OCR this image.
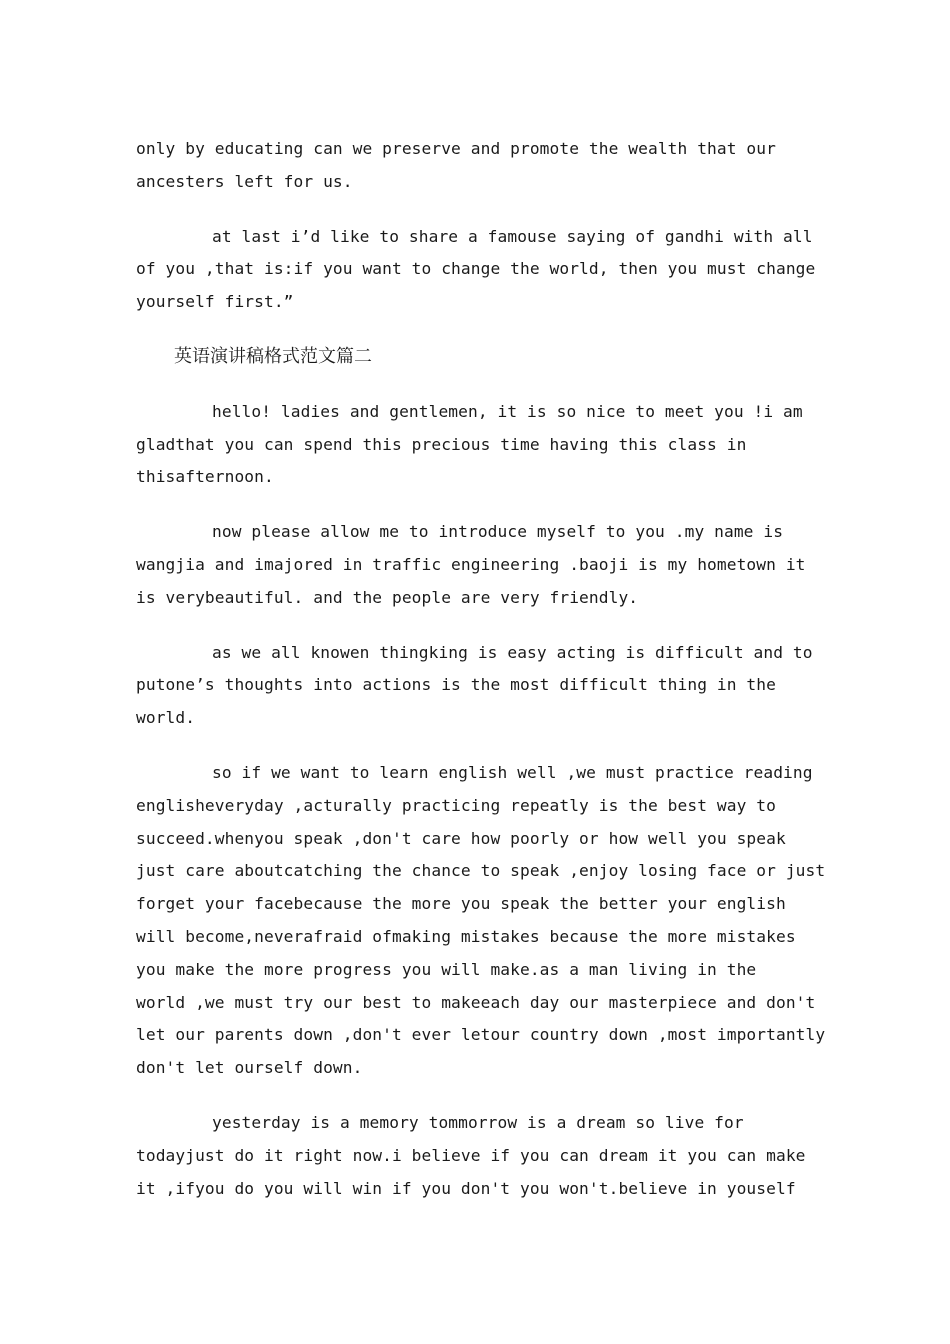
only by educating can we preserve and promote the wealth that our
ancesters left for us.
at last i’d like to share a famouse saying of gandhi with all
of you ,that is:if you want to change the world, then you must change
yourself first.”
英语演讲稿格式范文篇二
hello! ladies and gentlemen, it is so nice to meet you !i am
gladthat you can spend this precious time having this class in
thisafternoon.
now please allow me to introduce myself to you .my name is
wangjia and imajored in traffic engineering .baoji is my hometown it
is verybeautiful. and the people are very friendly.
as we all knowen thingking is easy acting is difficult and to
putone’s thoughts into actions is the most difficult thing in the
world.
so if we want to learn english well ,we must practice reading
englisheveryday ,acturally practicing repeatly is the best way to
succeed.whenyou speak ,don't care how poorly or how well you speak
just care aboutcatching the chance to speak ,enjoy losing face or just
forget your facebecause the more you speak the better your english
will become,neverafraid ofmaking mistakes because the more mistakes
you make the more progress you will make.as a man living in the
world ,we must try our best to makeeach day our masterpiece and don't
let our parents down ,don't ever letour country down ,most importantly
don't let ourself down.
yesterday is a memory tommorrow is a dream so live for
todayjust do it right now.i believe if you can dream it you can make
it ,ifyou do you will win if you don't you won't.believe in youself
